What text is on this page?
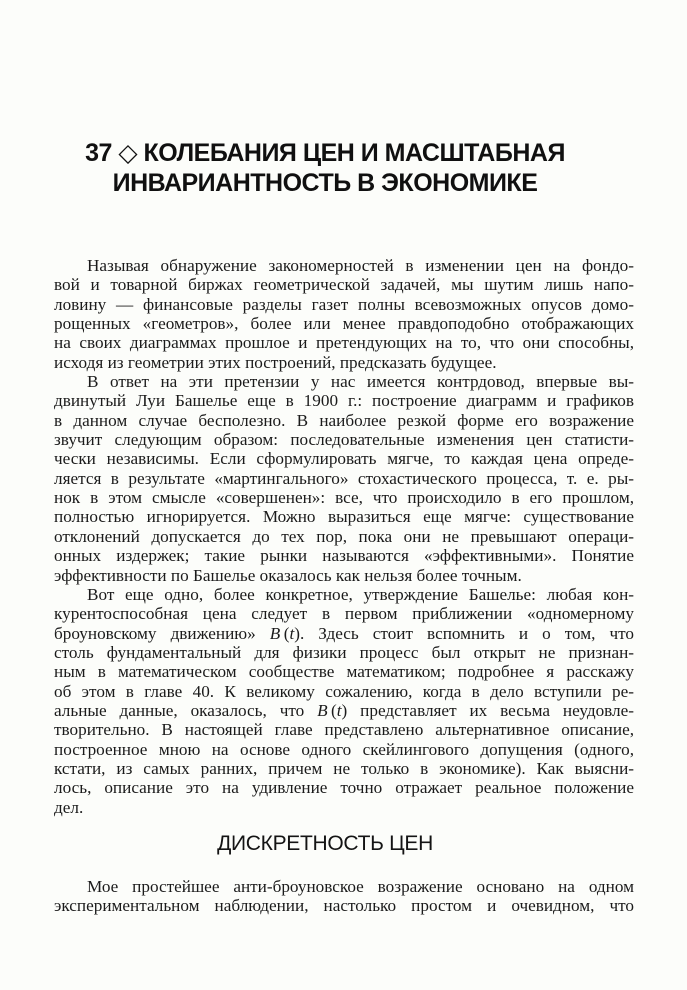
37 ◇ КОЛЕБАНИЯ ЦЕН И МАСШТАБНАЯ
ИНВАРИАНТНОСТЬ В ЭКОНОМИКЕ
Называя обнаружение закономерностей в изменении цен на фондо-
вой и товарной биржах геометрической задачей, мы шутим лишь напо-
ловину — финансовые разделы газет полны всевозможных опусов домо-
рощенных «геометров», более или менее правдоподобно отображающих
на своих диаграммах прошлое и претендующих на то, что они способны,
исходя из геометрии этих построений, предсказать будущее.
В ответ на эти претензии у нас имеется контрдовод, впервые вы-
двинутый Луи Башелье еще в 1900 г.: построение диаграмм и графиков
в данном случае бесполезно. В наиболее резкой форме его возражение
звучит следующим образом: последовательные изменения цен статисти-
чески независимы. Если сформулировать мягче, то каждая цена опреде-
ляется в результате «мартингального» стохастического процесса, т. е. ры-
нок в этом смысле «совершенен»: все, что происходило в его прошлом,
полностью игнорируется. Можно выразиться еще мягче: существование
отклонений допускается до тех пор, пока они не превышают операци-
онных издержек; такие рынки называются «эффективными». Понятие
эффективности по Башелье оказалось как нельзя более точным.
Вот еще одно, более конкретное, утверждение Башелье: любая кон-
курентоспособная цена следует в первом приближении «одномерному
броуновскому движению» B (t). Здесь стоит вспомнить и о том, что
столь фундаментальный для физики процесс был открыт не признан-
ным в математическом сообществе математиком; подробнее я расскажу
об этом в главе 40. К великому сожалению, когда в дело вступили ре-
альные данные, оказалось, что B (t) представляет их весьма неудовле-
творительно. В настоящей главе представлено альтернативное описание,
построенное мною на основе одного скейлингового допущения (одного,
кстати, из самых ранних, причем не только в экономике). Как выясни-
лось, описание это на удивление точно отражает реальное положение
дел.
ДИСКРЕТНОСТЬ ЦЕН
Мое простейшее анти-броуновское возражение основано на одном
экспериментальном наблюдении, настолько простом и очевидном, что
